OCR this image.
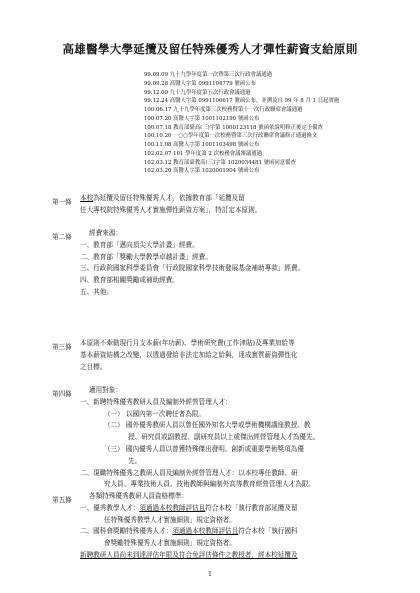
高雄醫學大學延攬及留任特殊優秀人才彈性薪資支給原則
99.09.09 九十九學年度第一次暨第三次行政會議通過
99.09.28 高醫人字第 0991104779 號函公布
99.12.09 九十九學年度第五次行政會議通過
99.12.24 高醫人字第 0991106617 號函公布，並溯及自 99 年 8 月 1 日起實施
100.06.17 九十九學年度第三次校務暨第十一次行政聯席會議通過
100.07.20 高醫人字第 1001102190 號函公布
100.07.18 教育部臺高(三)字第 1000123118 號函依說明修正後定予備查
100.10.20 一○○學年度第一次校務暨第三次行政聯席會議修正通過條文
100.11.08 高醫人字第 1001103498 號函公布
102.02.07 101 學年度第 2 次校務會議審議通過
102.03.12 教育部臺教高(三)字第 1020034481 號函同意備查
102.03.20 高醫人字第 1020001904 號函公布
第一條 本校為延攬及留任特殊優秀人才，依據教育部「延攬及留
任大專校院特殊優秀人才實施彈性薪資方案」，特訂定本原則。
第二條	經費來源：
一、教育部「邁向頂尖大學計畫」經費。
二、教育部「獎勵大學教學卓越計畫」經費。
三、行政院國家科學委員會「行政院國家科學技術發展基金補助專款」經費。
四、教育部相關獎勵或補助經費。
五、其他。
第三條 本原則不牽動現行月支本薪(年功薪)、學術研究費(工作津貼)及專業加給等
基本薪資結構之改變，以透過發給非法定加給之給與，達成實質薪資彈性化
之目標。
第四條	適用對象：
一、新聘特殊優秀教研人員及編制外經營管理人才：
（一） 以國內第一次聘任者為限。
（二） 國外優秀教研人員以曾任國外知名大學或學術機構講座教授、教
授、研究員或副教授、副研究員以上或傑出經營管理人才為優先。
（三） 國內優秀人員以曾獲特殊傑出發明、創新或重要學術獎項為優
先。
二、現職特殊優秀之教研人員及編制外經營管理人才：以本校專任教師、研
究人員、專業技術人員、技術教師與編制外高等教育經營管理人才為限。
第五條	各類特殊優秀教研人員資格標準：
一、優秀教學人才：須通過本校教師評估且符合本校「執行教育部延攬及留
任特殊優秀教學人才實施細則」規定資格者。
二、國科會獎勵特殊優秀人才：須通過本校教師評估且符合本校「執行國科
會獎勵特殊優秀人才實施細則」規定資格者。
新聘教研人員尚未到達評估年限及符合免評估條件之教授者，經本校延攬及
1
